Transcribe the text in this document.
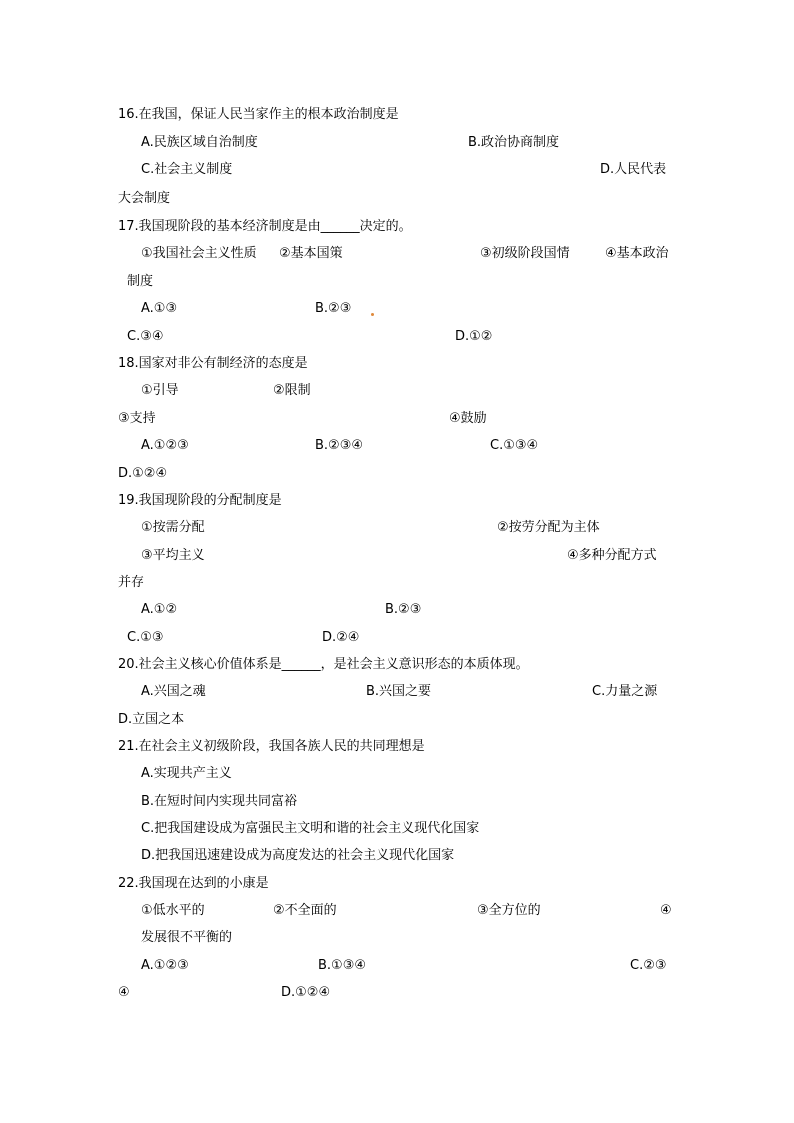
16.在我国，保证人民当家作主的根本政治制度是
A.民族区域自治制度	B.政治协商制度
C.社会主义制度	D.人民代表
大会制度
17.我国现阶段的基本经济制度是由______决定的。
①我国社会主义性质 ②基本国策	③初级阶段国情	④基本政治
制度
A.①③	B.②③
C.③④	D.①②
18.国家对非公有制经济的态度是
①引导	②限制
③支持	④鼓励
A.①②③	B.②③④	C.①③④
D.①②④
19.我国现阶段的分配制度是
①按需分配	②按劳分配为主体
③平均主义	④多种分配方式
并存
A.①②	B.②③
C.①③	D.②④
20.社会主义核心价值体系是______，是社会主义意识形态的本质体现。
A.兴国之魂	B.兴国之要	C.力量之源
D.立国之本
21.在社会主义初级阶段，我国各族人民的共同理想是
A.实现共产主义
B.在短时间内实现共同富裕
C.把我国建设成为富强民主文明和谐的社会主义现代化国家
D.把我国迅速建设成为高度发达的社会主义现代化国家
22.我国现在达到的小康是
①低水平的	②不全面的	③全方位的	④
发展很不平衡的
A.①②③	B.①③④	C.②③
④	D.①②④
